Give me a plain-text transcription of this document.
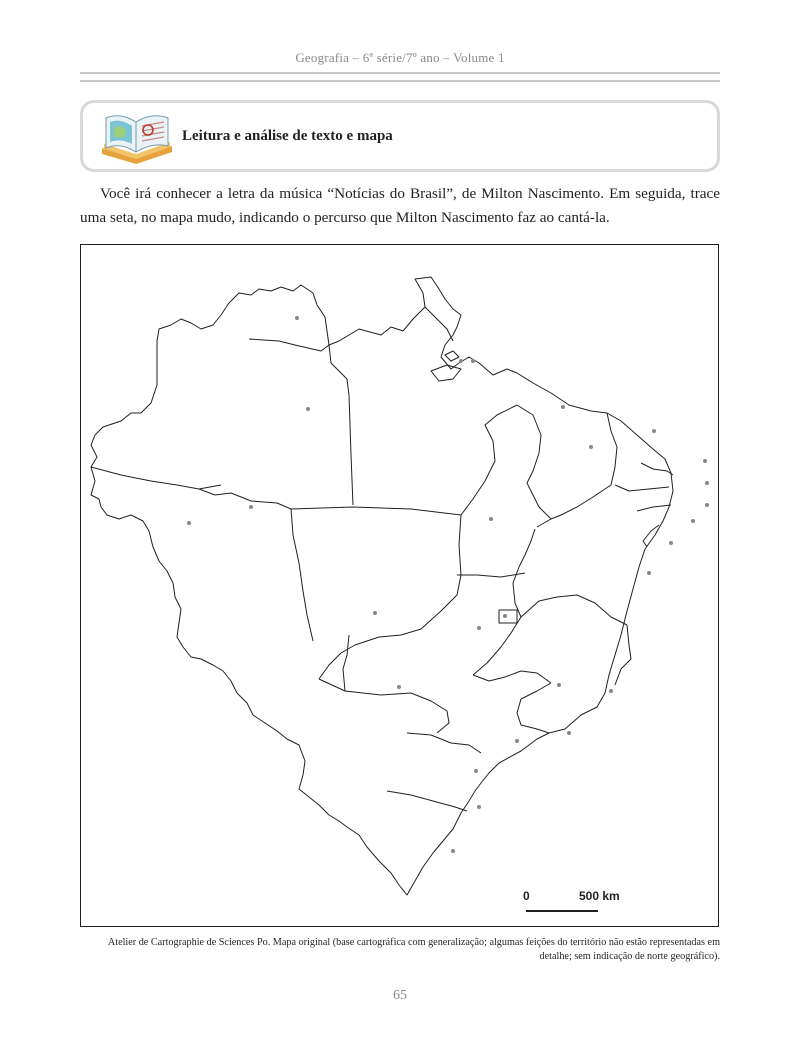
Geografia – 6ª série/7º ano – Volume 1
Leitura e análise de texto e mapa

Você irá conhecer a letra da música “Notícias do Brasil”, de Milton Nascimento. Em seguida, trace uma seta, no mapa mudo, indicando o percurso que Milton Nascimento faz ao cantá-la.

0	500 km

Atelier de Cartographie de Sciences Po. Mapa original (base cartográfica com generalização; algumas feições do território não estão representadas em detalhe; sem indicação de norte geográfico).

65
